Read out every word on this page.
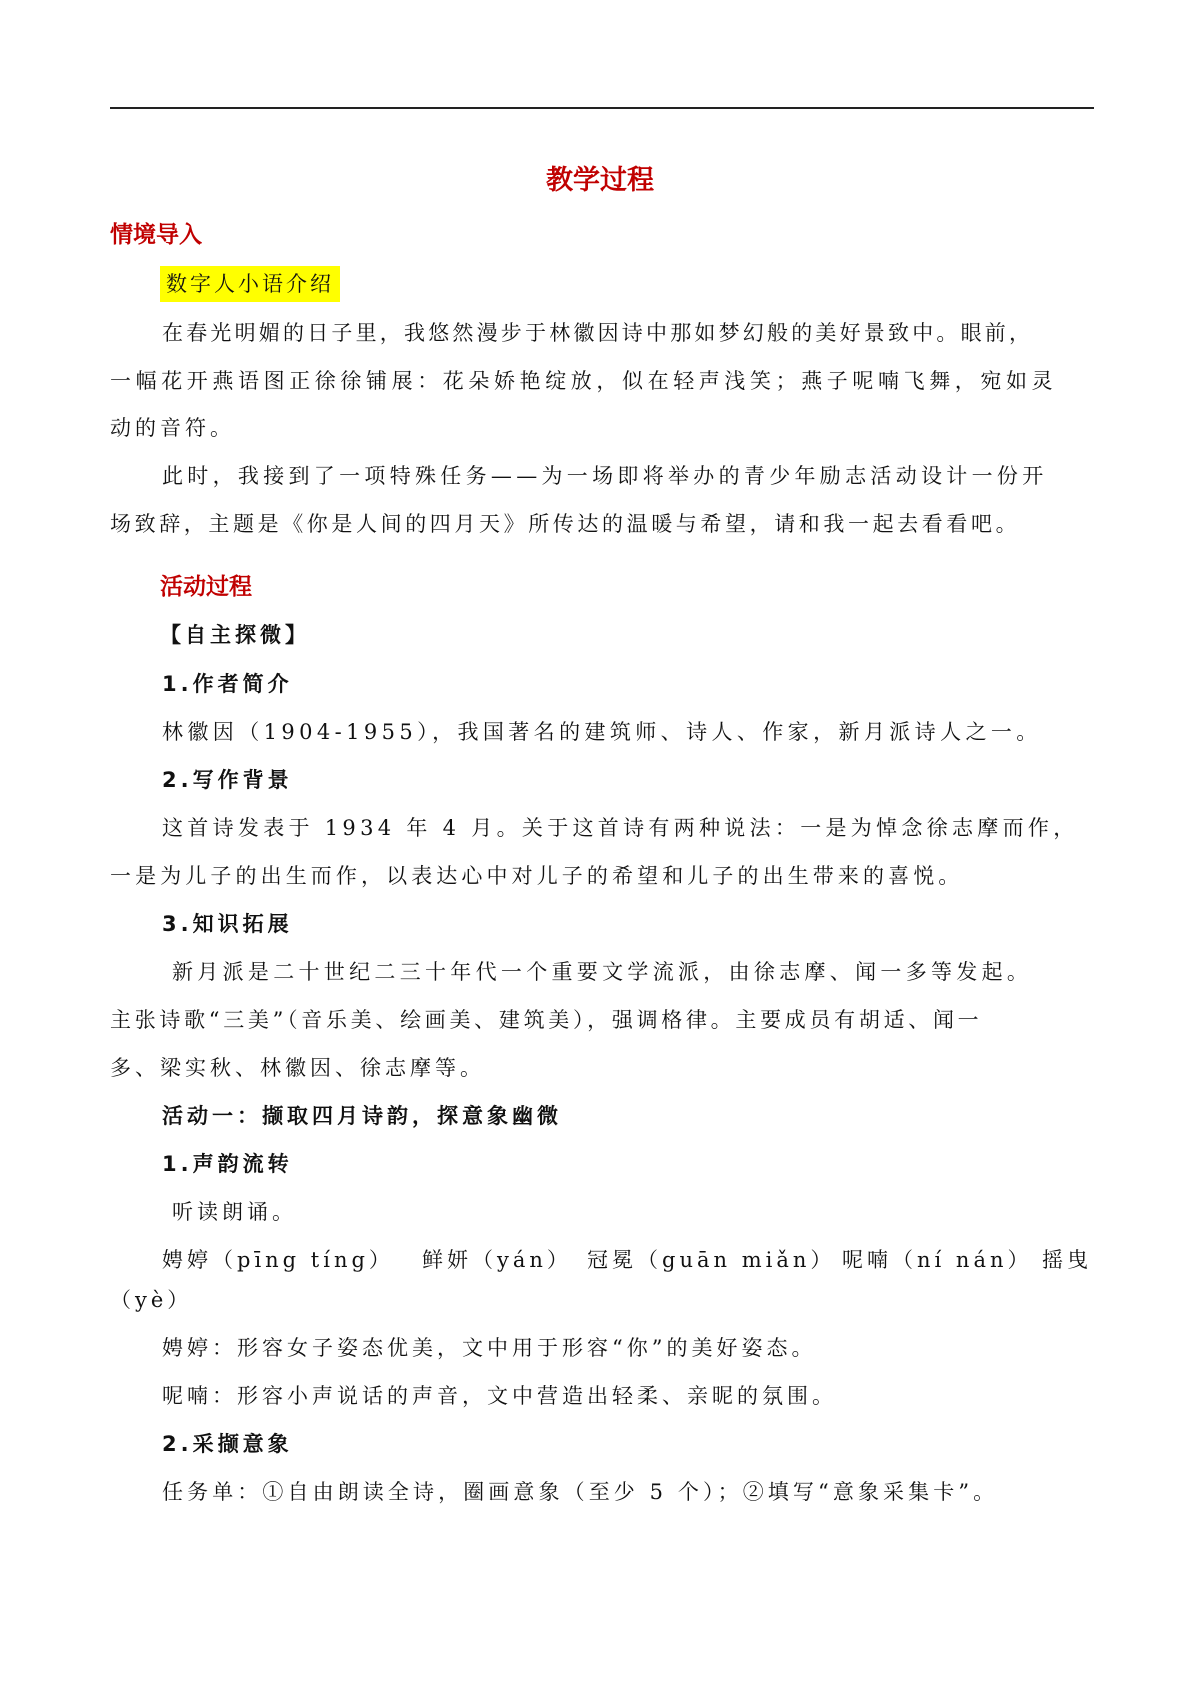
教学过程
情境导入
数字人小语介绍
在春光明媚的日子里，我悠然漫步于林徽因诗中那如梦幻般的美好景致中。眼前，
一幅花开燕语图正徐徐铺展：花朵娇艳绽放，似在轻声浅笑；燕子呢喃飞舞，宛如灵
动的音符。
此时，我接到了一项特殊任务——为一场即将举办的青少年励志活动设计一份开
场致辞，主题是《你是人间的四月天》所传达的温暖与希望，请和我一起去看看吧。
活动过程
【自主探微】
1.作者简介
林徽因（1904-1955），我国著名的建筑师、诗人、作家，新月派诗人之一。
2.写作背景
这首诗发表于 1934 年 4 月。关于这首诗有两种说法：一是为悼念徐志摩而作，
一是为儿子的出生而作，以表达心中对儿子的希望和儿子的出生带来的喜悦。
3.知识拓展
新月派是二十世纪二三十年代一个重要文学流派，由徐志摩、闻一多等发起。
主张诗歌“三美”（音乐美、绘画美、建筑美），强调格律。主要成员有胡适、闻一
多、梁实秋、林徽因、徐志摩等。
活动一：撷取四月诗韵，探意象幽微
1.声韵流转
听读朗诵。
娉婷（pīng tíng） 鲜妍（yán） 冠冕（guān miǎn） 呢喃（ní nán） 摇曳
（yè）
娉婷：形容女子姿态优美，文中用于形容“你”的美好姿态。
呢喃：形容小声说话的声音，文中营造出轻柔、亲昵的氛围。
2.采撷意象
任务单：①自由朗读全诗，圈画意象（至少 5 个）；②填写“意象采集卡”。
